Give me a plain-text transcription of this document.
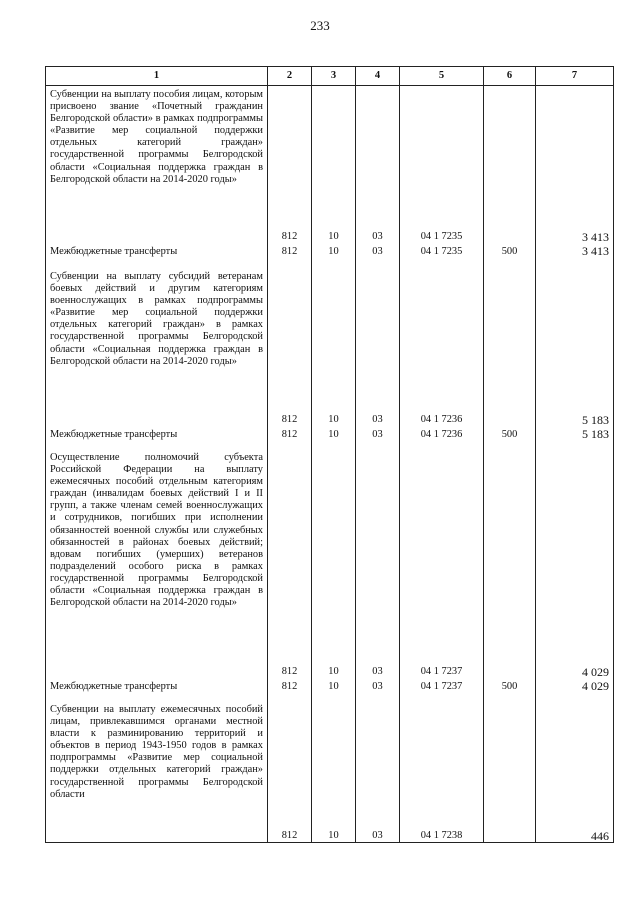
233
1	2	3	4	5	6	7
Субвенции на выплату пособия лицам, которым присвоено звание «Почетный гражданин Белгородской области» в рамках подпрограммы «Развитие мер социальной поддержки отдельных категорий граждан» государственной программы Белгородской области «Социальная поддержка граждан в Белгородской области на 2014-2020 годы»	812	10	03	04 1 7235		3 413
Межбюджетные трансферты	812	10	03	04 1 7235	500	3 413
Субвенции на выплату субсидий ветеранам боевых действий и другим категориям военнослужащих в рамках подпрограммы «Развитие мер социальной поддержки отдельных категорий граждан» в рамках государственной программы Белгородской области «Социальная поддержка граждан в Белгородской области на 2014-2020 годы»	812	10	03	04 1 7236		5 183
Межбюджетные трансферты	812	10	03	04 1 7236	500	5 183
Осуществление полномочий субъекта Российской Федерации на выплату ежемесячных пособий отдельным категориям граждан (инвалидам боевых действий I и II групп, а также членам семей военнослужащих и сотрудников, погибших при исполнении обязанностей военной службы или служебных обязанностей в районах боевых действий; вдовам погибших (умерших) ветеранов подразделений особого риска в рамках государственной программы Белгородской области «Социальная поддержка граждан в Белгородской области на 2014-2020 годы»	812	10	03	04 1 7237		4 029
Межбюджетные трансферты	812	10	03	04 1 7237	500	4 029
Субвенции на выплату ежемесячных пособий лицам, привлекавшимся органами местной власти к разминированию территорий и объектов в период 1943-1950 годов в рамках подпрограммы «Развитие мер социальной поддержки отдельных категорий граждан» государственной программы Белгородской области	812	10	03	04 1 7238		446
